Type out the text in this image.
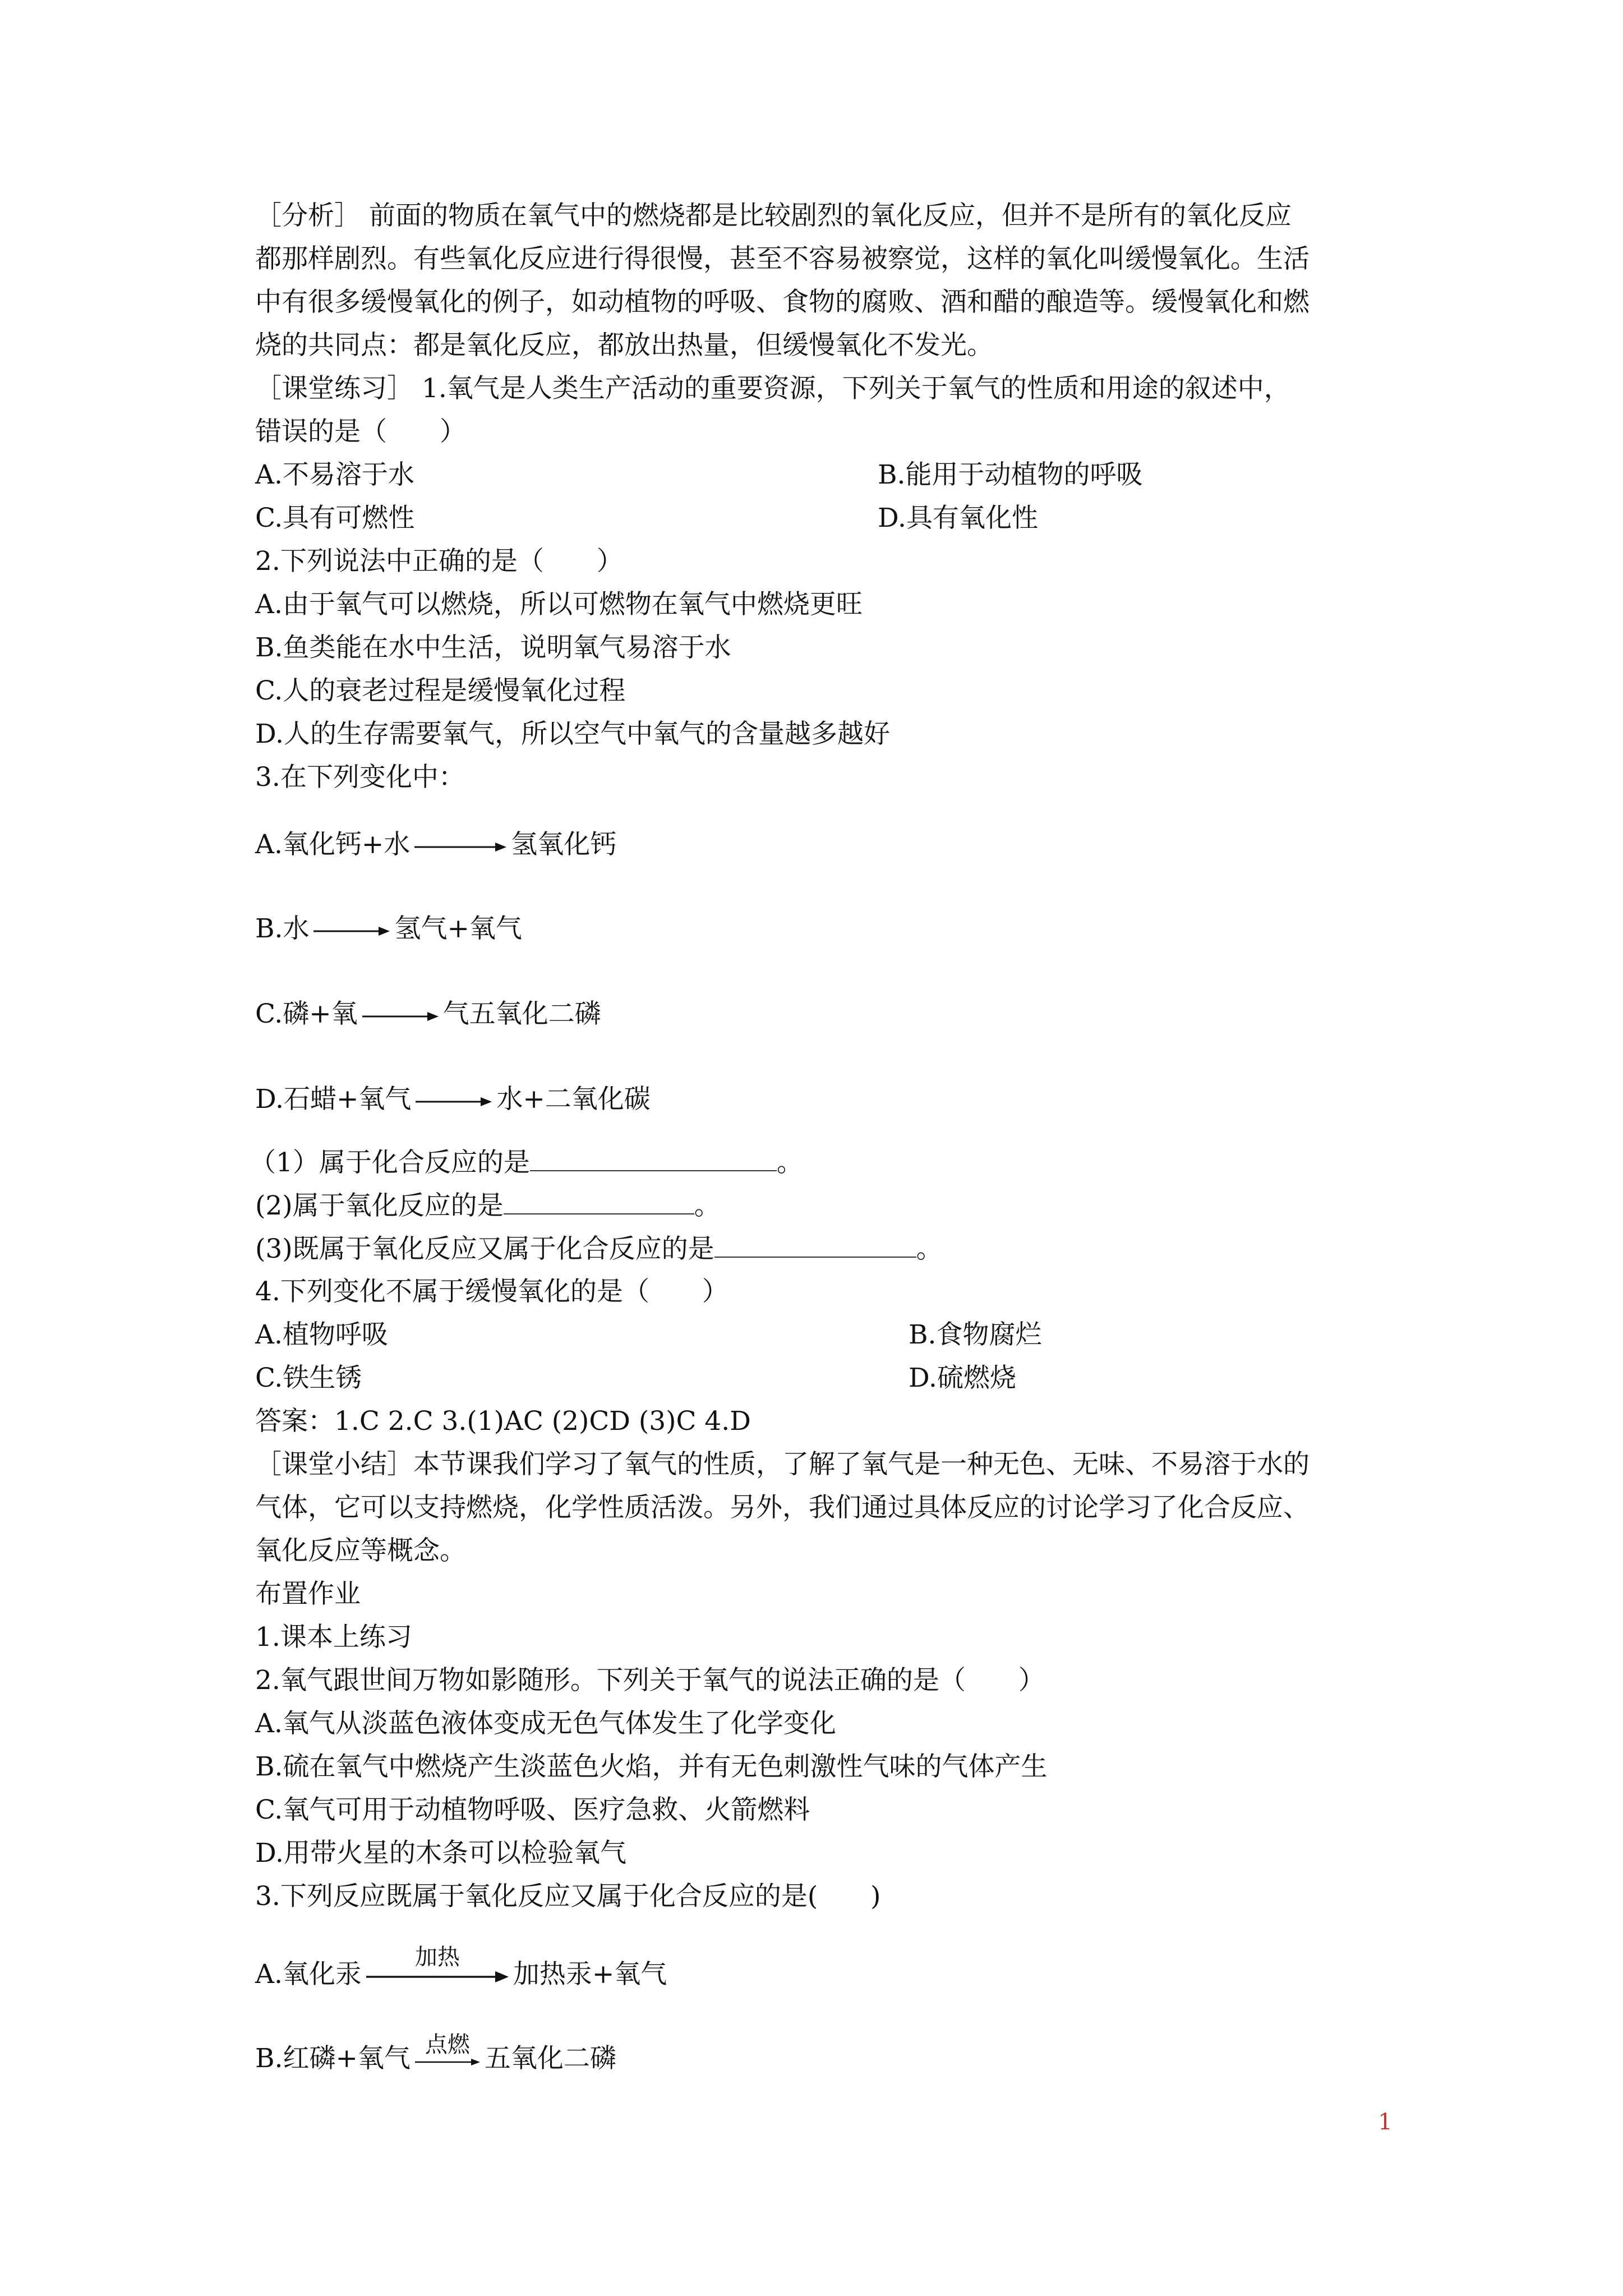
［分析］ 前面的物质在氧气中的燃烧都是比较剧烈的氧化反应，但并不是所有的氧化反应
都那样剧烈。有些氧化反应进行得很慢，甚至不容易被察觉，这样的氧化叫缓慢氧化。生活
中有很多缓慢氧化的例子，如动植物的呼吸、食物的腐败、酒和醋的酿造等。缓慢氧化和燃
烧的共同点：都是氧化反应，都放出热量，但缓慢氧化不发光。
［课堂练习］ 1.氧气是人类生产活动的重要资源，下列关于氧气的性质和用途的叙述中，
错误的是（　　）
A.不易溶于水	B.能用于动植物的呼吸
C.具有可燃性	D.具有氧化性
2.下列说法中正确的是（　　）
A.由于氧气可以燃烧，所以可燃物在氧气中燃烧更旺
B.鱼类能在水中生活，说明氧气易溶于水
C.人的衰老过程是缓慢氧化过程
D.人的生存需要氧气，所以空气中氧气的含量越多越好
3.在下列变化中：
A.氧化钙+水 → 氢氧化钙
B.水 → 氢气+氧气
C.磷+氧 → 气五氧化二磷
D.石蜡+氧气 → 水+二氧化碳
（1）属于化合反应的是	。
(2)属于氧化反应的是	。
(3)既属于氧化反应又属于化合反应的是	。
4.下列变化不属于缓慢氧化的是（　　）
A.植物呼吸	B.食物腐烂
C.铁生锈	D.硫燃烧
答案：1.C 2.C 3.(1)AC (2)CD (3)C 4.D
［课堂小结］本节课我们学习了氧气的性质，了解了氧气是一种无色、无味、不易溶于水的
气体，它可以支持燃烧，化学性质活泼。另外，我们通过具体反应的讨论学习了化合反应、
氧化反应等概念。
布置作业
1.课本上练习
2.氧气跟世间万物如影随形。下列关于氧气的说法正确的是（　　）
A.氧气从淡蓝色液体变成无色气体发生了化学变化
B.硫在氧气中燃烧产生淡蓝色火焰，并有无色刺激性气味的气体产生
C.氧气可用于动植物呼吸、医疗急救、火箭燃料
D.用带火星的木条可以检验氧气
3.下列反应既属于氧化反应又属于化合反应的是(　　)
A.氧化汞
加热
加热汞+氧气
B.红磷+氧气 点燃 五氧化二磷
1
